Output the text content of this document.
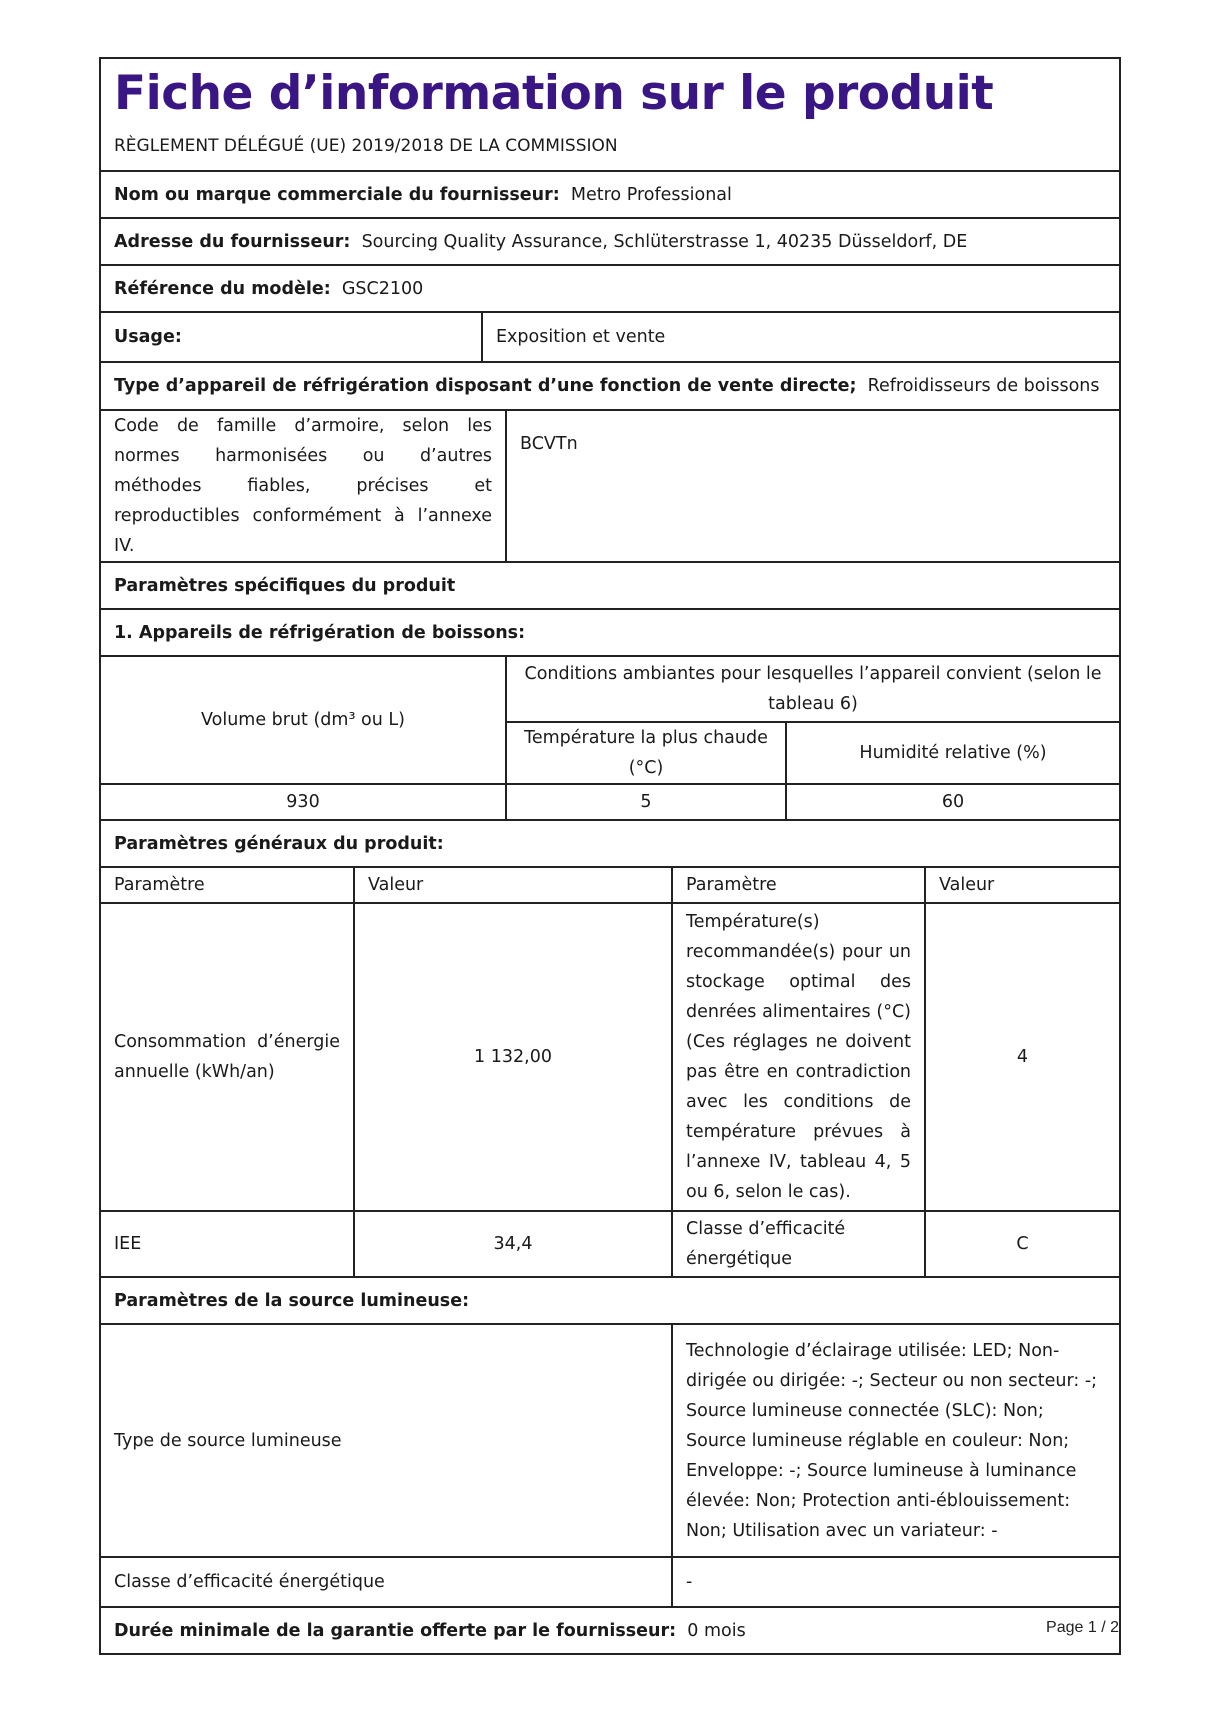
Fiche d’information sur le produit
RÈGLEMENT DÉLÉGUÉ (UE) 2019/2018 DE LA COMMISSION						

Nom ou marque commerciale du fournisseur: Metro Professional						
Adresse du fournisseur: Sourcing Quality Assurance, Schlüterstrasse 1, 40235 Düsseldorf, DE						
Référence du modèle: GSC2100						
Usage:		Exposition et vente				
Type d’appareil de réfrigération disposant d’une fonction de vente directe; Refroidisseurs de boissons						
Code de famille d’armoire, selon les normes harmonisées ou d’autres méthodes fiables, précises et reproductibles conformément à l’annexe IV.			BCVTn			
Paramètres spécifiques du produit						
1. Appareils de réfrigération de boissons:						
Volume brut (dm³ ou L)			Conditions ambiantes pour lesquelles l’appareil convient (selon le tableau 6)			
			Température la plus chaude (°C)		Humidité relative (%)	
930			5		60	
Paramètres généraux du produit:						
Paramètre	Valeur			Paramètre		Valeur
Consommation d’énergie annuelle (kWh/an)	1 132,00			Température(s) recommandée(s) pour un stockage optimal des denrées alimentaires (°C) (Ces réglages ne doivent pas être en contradiction avec les conditions de température prévues à l’annexe IV, tableau 4, 5 ou 6, selon le cas).		4
IEE	34,4			Classe d’efficacité énergétique		C
Paramètres de la source lumineuse:						
Type de source lumineuse				Technologie d’éclairage utilisée: LED; Non-dirigée ou dirigée: -; Secteur ou non secteur: -; Source lumineuse connectée (SLC): Non; Source lumineuse réglable en couleur: Non; Enveloppe: -; Source lumineuse à luminance élevée: Non; Protection anti-éblouissement: Non; Utilisation avec un variateur: -		
Classe d’efficacité énergétique				-		
Durée minimale de la garantie offerte par le fournisseur: 0 mois							Page 1 / 2
